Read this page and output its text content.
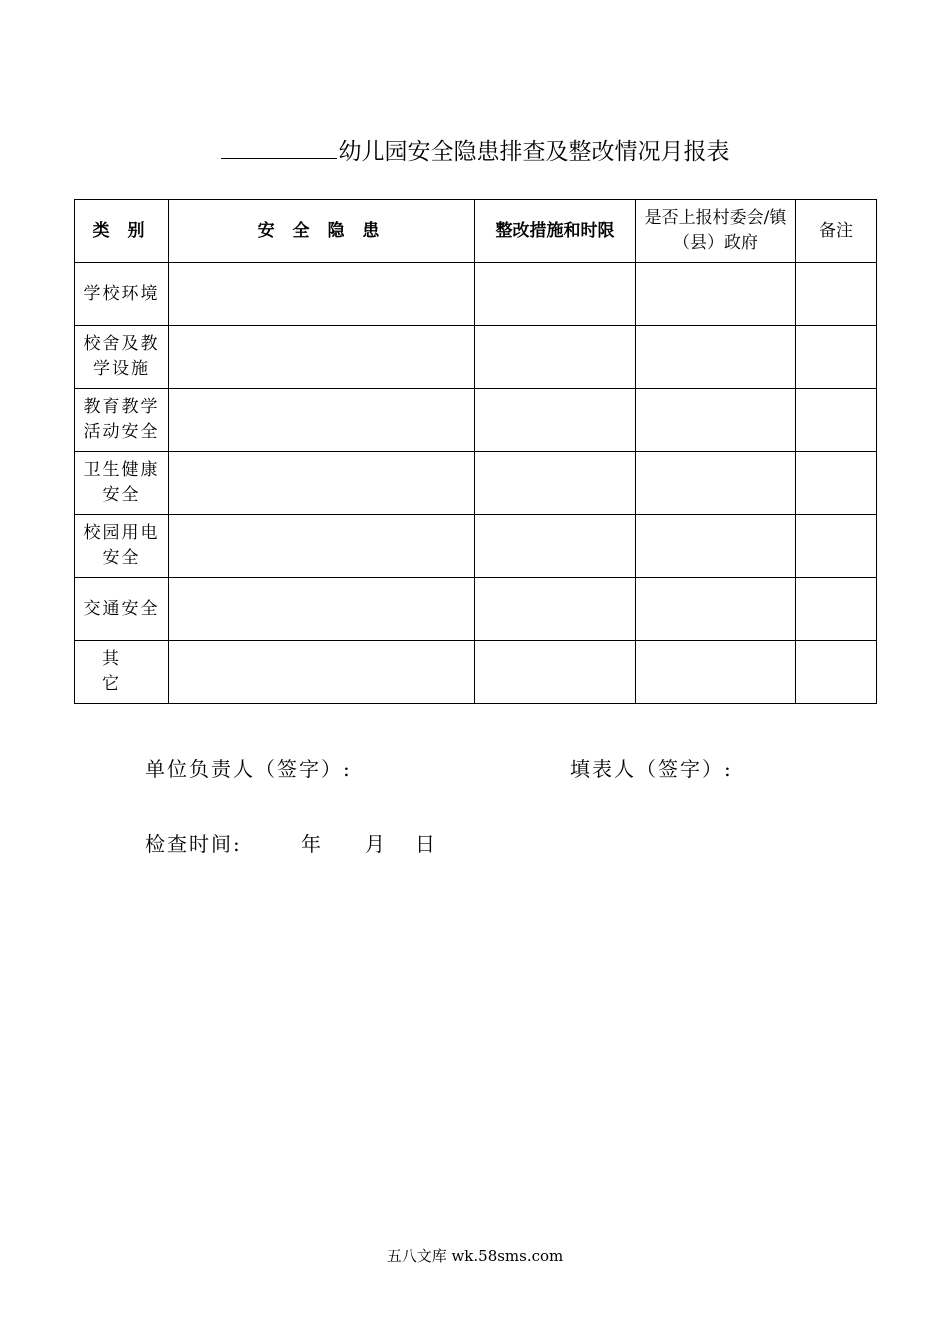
幼儿园安全隐患排查及整改情况月报表
类 别	安 全 隐 患	整改措施和时限	是否上报村委会/镇（县）政府	备注
学校环境				
校舍及教学设施				
教育教学活动安全				
卫生健康安全				
校园用电安全				
交通安全				
其 它				
单位负责人（签字）:	填表人（签字）:
检查时间:	年 月 日
五八文库 wk.58sms.com
